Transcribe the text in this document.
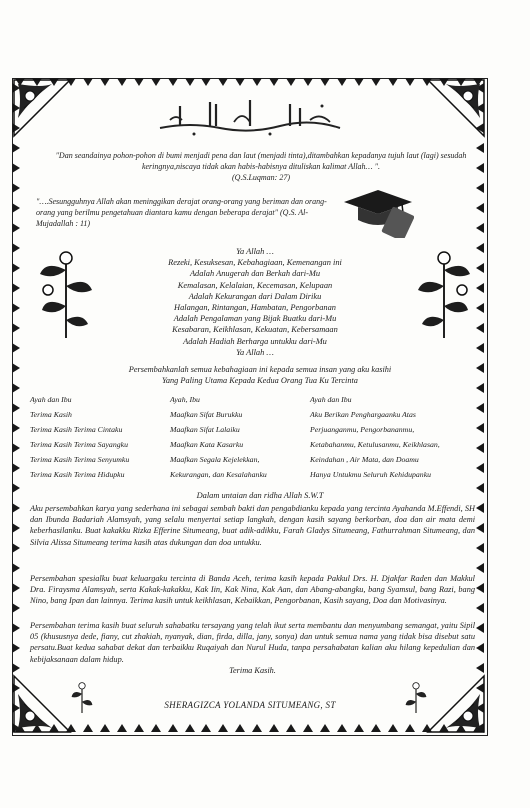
"Dan seandainya pohon-pohon di bumi menjadi pena dan laut (menjadi tinta),ditambahkan kepadanya tujuh laut (lagi) sesudah keringnya,niscaya tidak akan habis-habisnya dituliskan kalimat Allah… ".
(Q.S.Luqman: 27)
"….Sesungguhnya Allah akan meninggikan derajat orang-orang yang beriman dan orang-orang yang berilmu pengetahuan diantara kamu dengan beberapa derajat" (Q.S. Al-Mujadallah : 11)
Ya Allah …
Rezeki, Kesuksesan, Kebahagiaan, Kemenangan ini
Adalah Anugerah dan Berkah dari-Mu
Kemalasan, Kelalaian, Kecemasan, Kelupaan
Adalah Kekurangan dari Dalam Diriku
Halangan, Rintangan, Hambatan, Pengorbanan
Adalah Pengalaman yang Bijak Buatku dari-Mu
Kesabaran, Keikhlasan, Kekuatan, Kebersamaan
Adalah Hadiah Berharga untukku dari-Mu
Ya Allah …
Persembahkanlah semua kebahagiaan ini kepada semua insan yang aku kasihi
Yang Paling Utama Kepada Kedua Orang Tua Ku Tercinta
Ayah dan Ibu	Ayah, Ibu	Ayah dan Ibu
Terima Kasih	Maafkan Sifat Burukku	Aku Berikan Penghargaanku Atas
Terima Kasih Terima Cintaku	Maafkan Sifat Lalaiku	Perjuanganmu, Pengorbananmu,
Terima Kasih Terima Sayangku	Maafkan Kata Kasarku	Ketabahanmu, Ketulusanmu, Keikhlasan,
Terima Kasih Terima Senyumku	Maafkan Segala Kejelekkan,	Keindahan , Air Mata, dan Doamu
Terima Kasih Terima Hidupku	Kekurangan, dan Kesalahanku	Hanya Untukmu Seluruh Kehidupanku
Dalam untaian dan ridha Allah S.W.T
Aku persembahkan karya yang sederhana ini sebagai sembah bakti dan pengabdianku kepada yang tercinta Ayahanda M.Effendi, SH dan Ibunda Badariah Alamsyah, yang selalu menyertai setiap langkah, dengan kasih sayang berkorban, doa dan air mata demi keberhasilanku. Buat kakakku Rizka Efferine Situmeang, buat adik-adikku, Farah Gladys Situmeang, Fathurrahman Situmeang, dan Silvia Alissa Situmeang terima kasih atas dukungan dan doa untukku.
Persembahan spesialku buat keluargaku tercinta di Banda Aceh, terima kasih kepada Pakkul Drs. H. Djakfar Raden dan Makkul Dra. Firaysma Alamsyah, serta Kakak-kakakku, Kak Iin, Kak Nina, Kak Aan, dan Abang-abangku, bang Syamsul, bang Razi, bang Nino, bang Ipan dan lainnya. Terima kasih untuk keikhlasan, Kebaikkan, Pengorbanan, Kasih sayang, Doa dan Motivasinya.
Persembahan terima kasih buat seluruh sahabatku tersayang yang telah ikut serta membantu dan menyumbang semangat, yaitu Sipil 05 (khususnya dede, fiany, cut zhakiah, nyanyak, dian, firda, dilla, jany, sonya) dan untuk semua nama yang tidak bisa disebut satu persatu.Buat kedua sahabat dekat dan terbaikku Ruqaiyah dan Nurul Huda, tanpa persahabatan kalian aku hilang kepedulian dan kebijaksanaan dalam hidup.

Terima Kasih.
SHERAGIZCA YOLANDA SITUMEANG, ST
